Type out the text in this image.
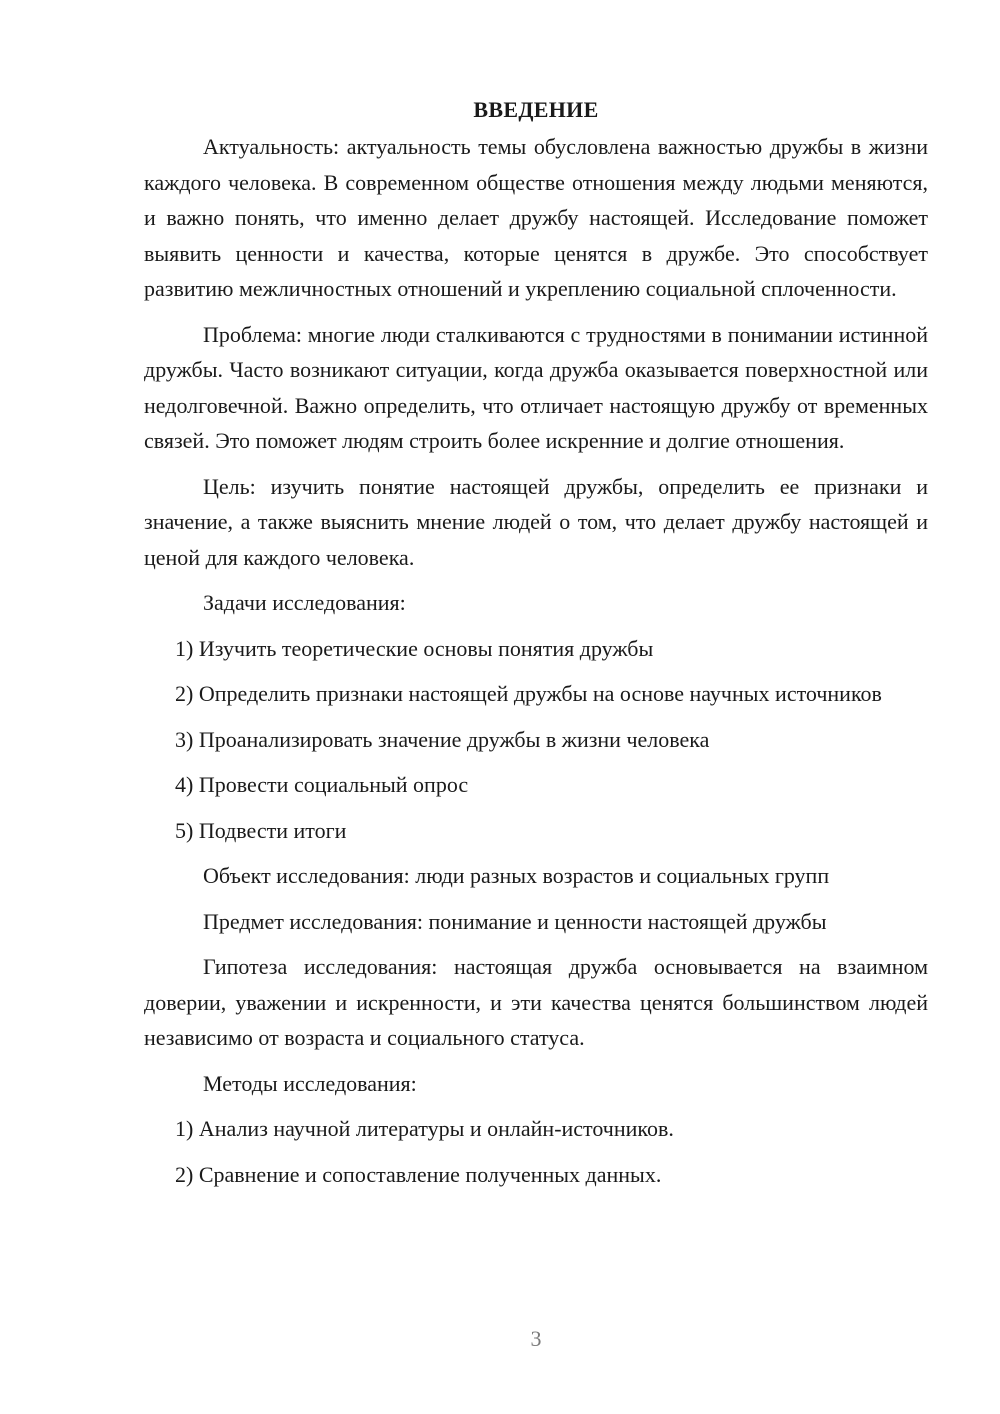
ВВЕДЕНИЕ

Актуальность: актуальность темы обусловлена важностью дружбы в жизни каждого человека. В современном обществе отношения между людьми меняются, и важно понять, что именно делает дружбу настоящей. Исследование поможет выявить ценности и качества, которые ценятся в дружбе. Это способствует развитию межличностных отношений и укреплению социальной сплоченности.

Проблема: многие люди сталкиваются с трудностями в понимании истинной дружбы. Часто возникают ситуации, когда дружба оказывается поверхностной или недолговечной. Важно определить, что отличает настоящую дружбу от временных связей. Это поможет людям строить более искренние и долгие отношения.

Цель: изучить понятие настоящей дружбы, определить ее признаки и значение, а также выяснить мнение людей о том, что делает дружбу настоящей и ценой для каждого человека.

Задачи исследования:

1) Изучить теоретические основы понятия дружбы

2) Определить признаки настоящей дружбы на основе научных источников

3) Проанализировать значение дружбы в жизни человека

4) Провести социальный опрос

5) Подвести итоги

Объект исследования: люди разных возрастов и социальных групп

Предмет исследования: понимание и ценности настоящей дружбы

Гипотеза исследования: настоящая дружба основывается на взаимном доверии, уважении и искренности, и эти качества ценятся большинством людей независимо от возраста и социального статуса.

Методы исследования:

1) Анализ научной литературы и онлайн-источников.

2) Сравнение и сопоставление полученных данных.

3
